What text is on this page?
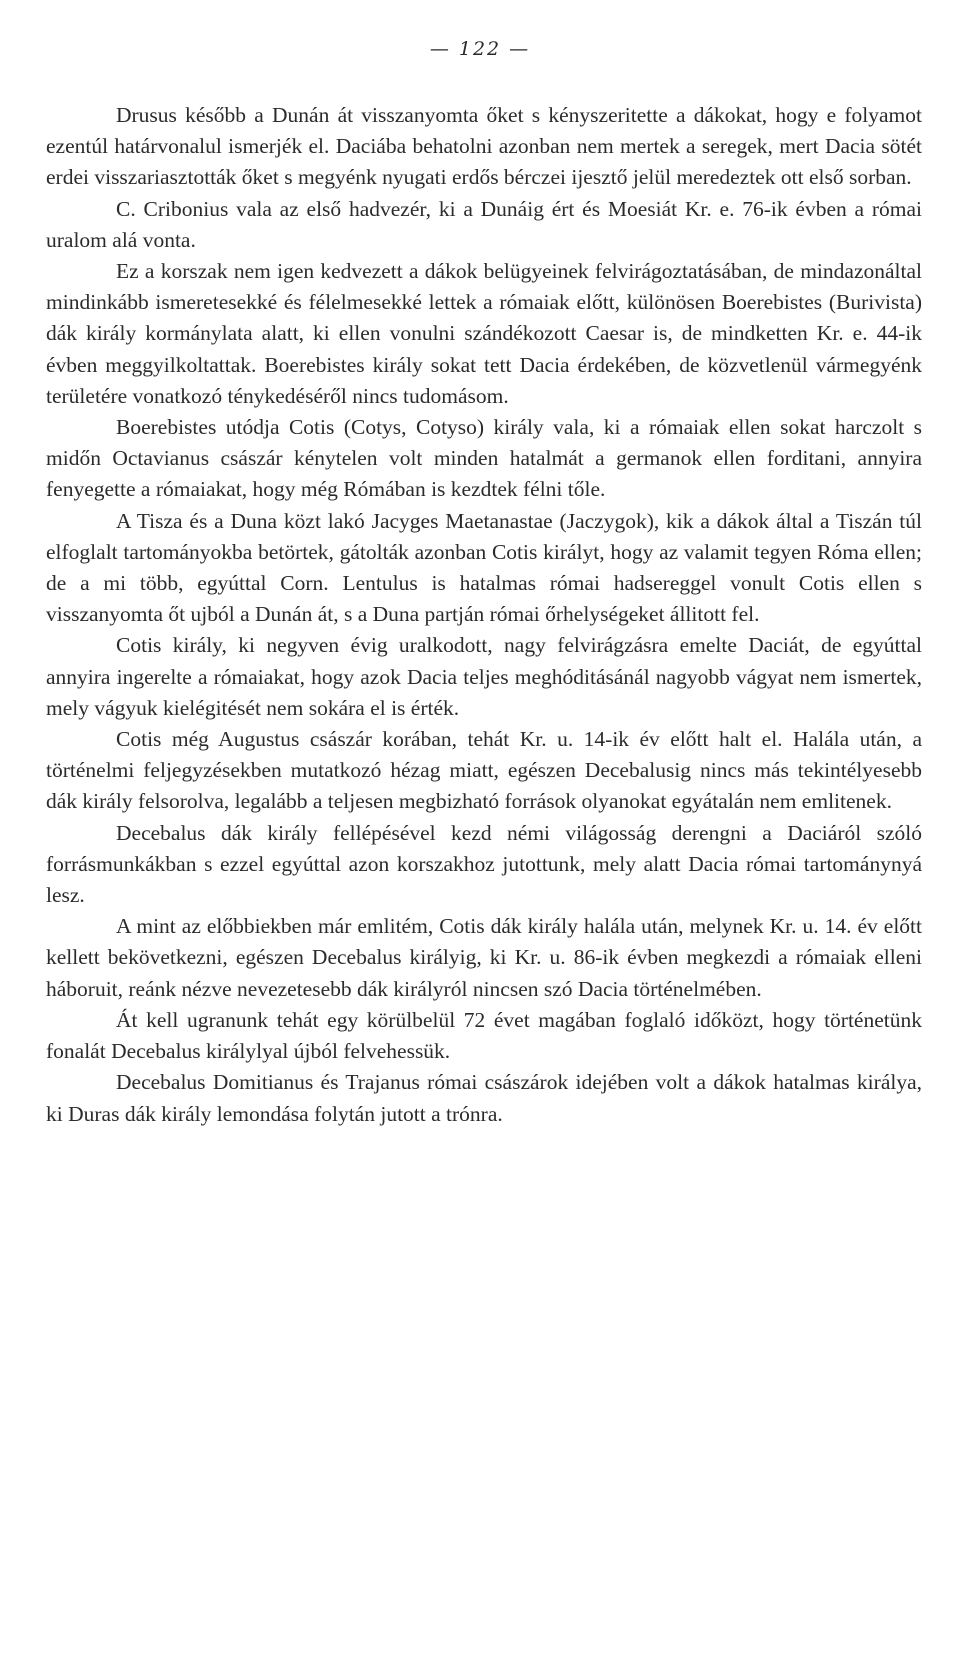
— 122 —

Drusus később a Dunán át visszanyomta őket s kényszeritette a dákokat, hogy e folyamot ezentúl határvonalul ismerjék el. Daciába behatolni azonban nem mertek a seregek, mert Dacia sötét erdei visszariasztották őket s megyénk nyugati erdős bérczei ijesztő jelül meredeztek ott első sorban.

C. Cribonius vala az első hadvezér, ki a Dunáig ért és Moesiát Kr. e. 76-ik évben a római uralom alá vonta.

Ez a korszak nem igen kedvezett a dákok belügyeinek felvirágoztatásában, de mindazonáltal mindinkább ismeretesekké és félelmesekké lettek a rómaiak előtt, különösen Boerebistes (Burivista) dák király kormánylata alatt, ki ellen vonulni szándékozott Caesar is, de mindketten Kr. e. 44-ik évben meggyilkoltattak. Boerebistes király sokat tett Dacia érdekében, de közvetlenül vármegyénk területére vonatkozó ténykedéséről nincs tudomásom.

Boerebistes utódja Cotis (Cotys, Cotyso) király vala, ki a rómaiak ellen sokat harczolt s midőn Octavianus császár kénytelen volt minden hatalmát a germanok ellen forditani, annyira fenyegette a rómaiakat, hogy még Rómában is kezdtek félni tőle.

A Tisza és a Duna közt lakó Jacyges Maetanastae (Jaczygok), kik a dákok által a Tiszán túl elfoglalt tartományokba betörtek, gátolták azonban Cotis királyt, hogy az valamit tegyen Róma ellen; de a mi több, egyúttal Corn. Lentulus is hatalmas római hadsereggel vonult Cotis ellen s visszanyomta őt ujból a Dunán át, s a Duna partján római őrhelységeket állitott fel.

Cotis király, ki negyven évig uralkodott, nagy felvirágzásra emelte Daciát, de egyúttal annyira ingerelte a rómaiakat, hogy azok Dacia teljes meghóditásánál nagyobb vágyat nem ismertek, mely vágyuk kielégitését nem sokára el is érték.

Cotis még Augustus császár korában, tehát Kr. u. 14-ik év előtt halt el. Halála után, a történelmi feljegyzésekben mutatkozó hézag miatt, egészen Decebalusig nincs más tekintélyesebb dák király felsorolva, legalább a teljesen megbizható források olyanokat egyátalán nem emlitenek.

Decebalus dák király fellépésével kezd némi világosság derengni a Daciáról szóló forrásmunkákban s ezzel egyúttal azon korszakhoz jutottunk, mely alatt Dacia római tartománynyá lesz.

A mint az előbbiekben már emlitém, Cotis dák király halála után, melynek Kr. u. 14. év előtt kellett bekövetkezni, egészen Decebalus királyig, ki Kr. u. 86-ik évben megkezdi a rómaiak elleni háboruit, reánk nézve nevezetesebb dák királyról nincsen szó Dacia történelmében.

Át kell ugranunk tehát egy körülbelül 72 évet magában foglaló időközt, hogy történetünk fonalát Decebalus királylyal újból felvehessük.

Decebalus Domitianus és Trajanus római császárok idejében volt a dákok hatalmas királya, ki Duras dák király lemondása folytán jutott a trónra.
